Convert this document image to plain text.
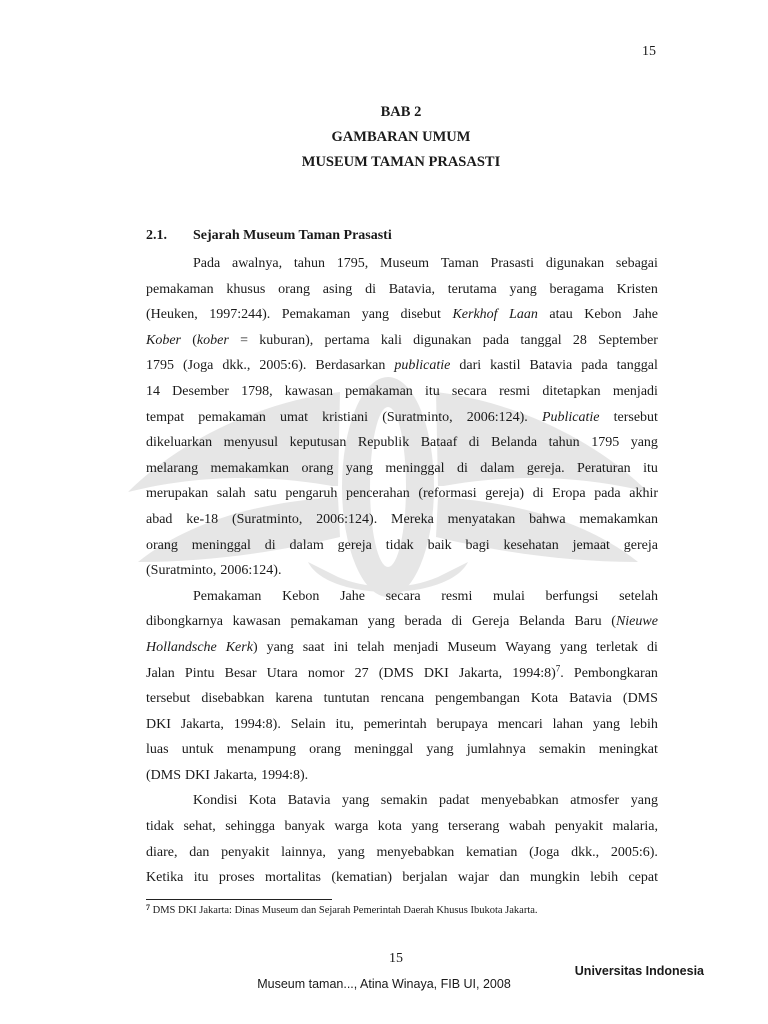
15
BAB 2
GAMBARAN UMUM
MUSEUM TAMAN PRASASTI
2.1. Sejarah Museum Taman Prasasti
Pada awalnya, tahun 1795, Museum Taman Prasasti digunakan sebagai
pemakaman khusus orang asing di Batavia, terutama yang beragama Kristen
(Heuken, 1997:244). Pemakaman yang disebut Kerkhof Laan atau Kebon Jahe
Kober (kober = kuburan), pertama kali digunakan pada tanggal 28 September
1795 (Joga dkk., 2005:6). Berdasarkan publicatie dari kastil Batavia pada tanggal
14 Desember 1798, kawasan pemakaman itu secara resmi ditetapkan menjadi
tempat pemakaman umat kristiani (Suratminto, 2006:124). Publicatie tersebut
dikeluarkan menyusul keputusan Republik Bataaf di Belanda tahun 1795 yang
melarang memakamkan orang yang meninggal di dalam gereja. Peraturan itu
merupakan salah satu pengaruh pencerahan (reformasi gereja) di Eropa pada akhir
abad ke-18 (Suratminto, 2006:124). Mereka menyatakan bahwa memakamkan
orang meninggal di dalam gereja tidak baik bagi kesehatan jemaat gereja
(Suratminto, 2006:124).
Pemakaman Kebon Jahe secara resmi mulai berfungsi setelah
dibongkarnya kawasan pemakaman yang berada di Gereja Belanda Baru (Nieuwe
Hollandsche Kerk) yang saat ini telah menjadi Museum Wayang yang terletak di
Jalan Pintu Besar Utara nomor 27 (DMS DKI Jakarta, 1994:8)$^7$. Pembongkaran
tersebut disebabkan karena tuntutan rencana pengembangan Kota Batavia (DMS
DKI Jakarta, 1994:8). Selain itu, pemerintah berupaya mencari lahan yang lebih
luas untuk menampung orang meninggal yang jumlahnya semakin meningkat
(DMS DKI Jakarta, 1994:8).
Kondisi Kota Batavia yang semakin padat menyebabkan atmosfer yang
tidak sehat, sehingga banyak warga kota yang terserang wabah penyakit malaria,
diare, dan penyakit lainnya, yang menyebabkan kematian (Joga dkk., 2005:6).
Ketika itu proses mortalitas (kematian) berjalan wajar dan mungkin lebih cepat
$^7$ DMS DKI Jakarta: Dinas Museum dan Sejarah Pemerintah Daerah Khusus Ibukota Jakarta.
15
Universitas Indonesia
Museum taman..., Atina Winaya, FIB UI, 2008
